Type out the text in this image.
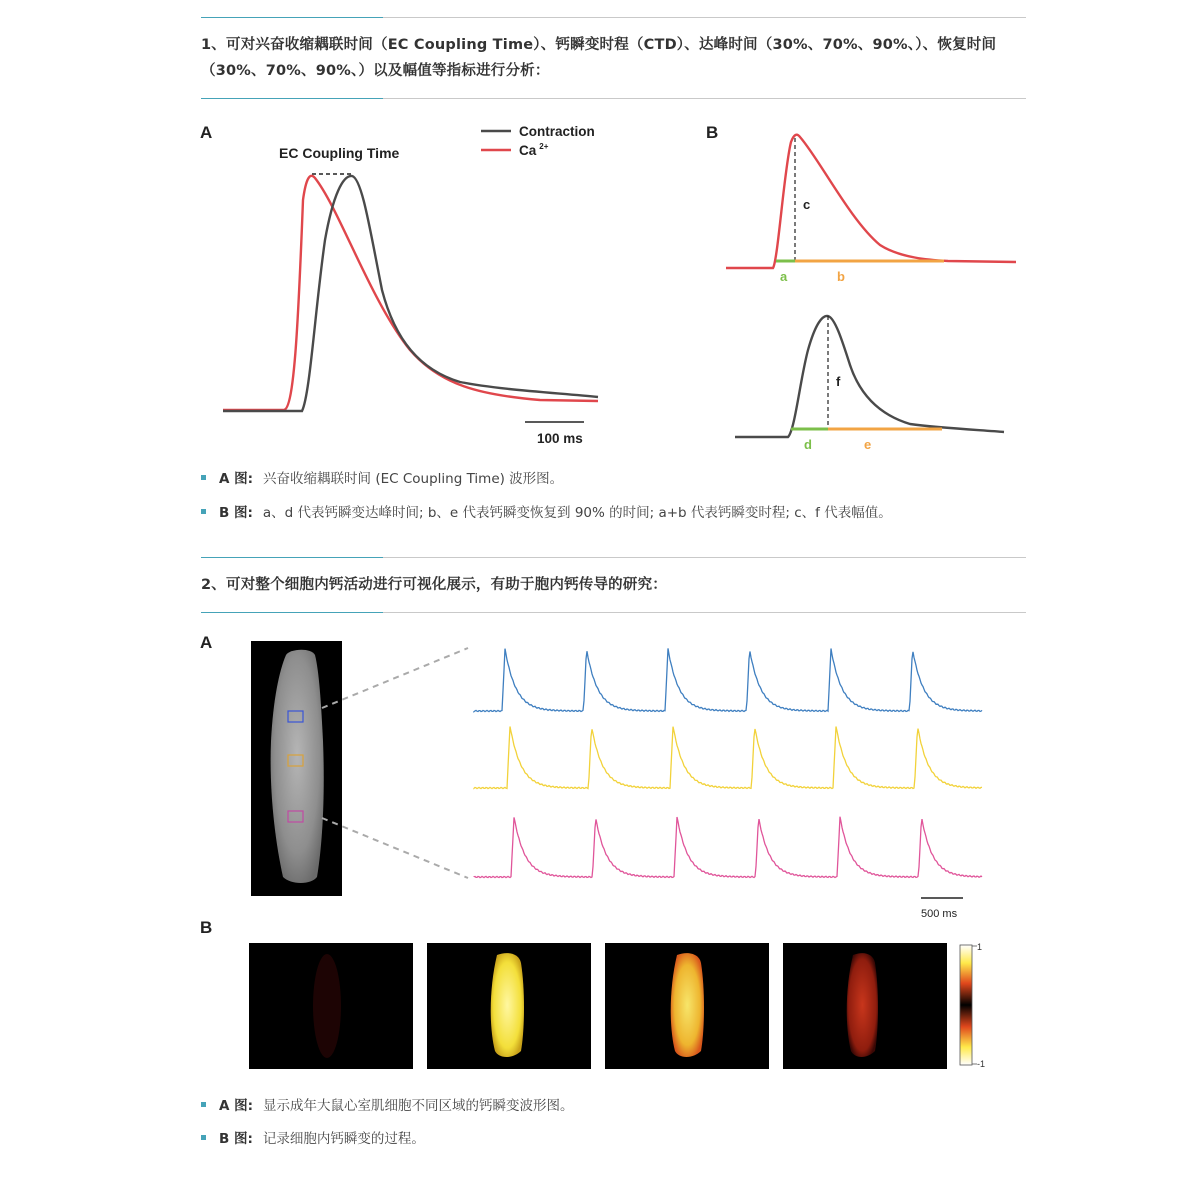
1、可对兴奋收缩耦联时间（EC Coupling Time）、钙瞬变时程（CTD）、达峰时间（30%、70%、90%、）、恢复时间
（30%、70%、90%、）以及幅值等指标进行分析：
A	B
EC Coupling Time
Contraction
Ca $^{2+}$
100 ms
c
a	b
f
d	e
A 图: 兴奋收缩耦联时间 (EC Coupling Time) 波形图。
B 图: a、d 代表钙瞬变达峰时间; b、e 代表钙瞬变恢复到 90% 的时间; a+b 代表钙瞬变时程; c、f 代表幅值。
2、可对整个细胞内钙活动进行可视化展示，有助于胞内钙传导的研究：
A
B
500 ms
1
-1
A 图: 显示成年大鼠心室肌细胞不同区域的钙瞬变波形图。
B 图: 记录细胞内钙瞬变的过程。
